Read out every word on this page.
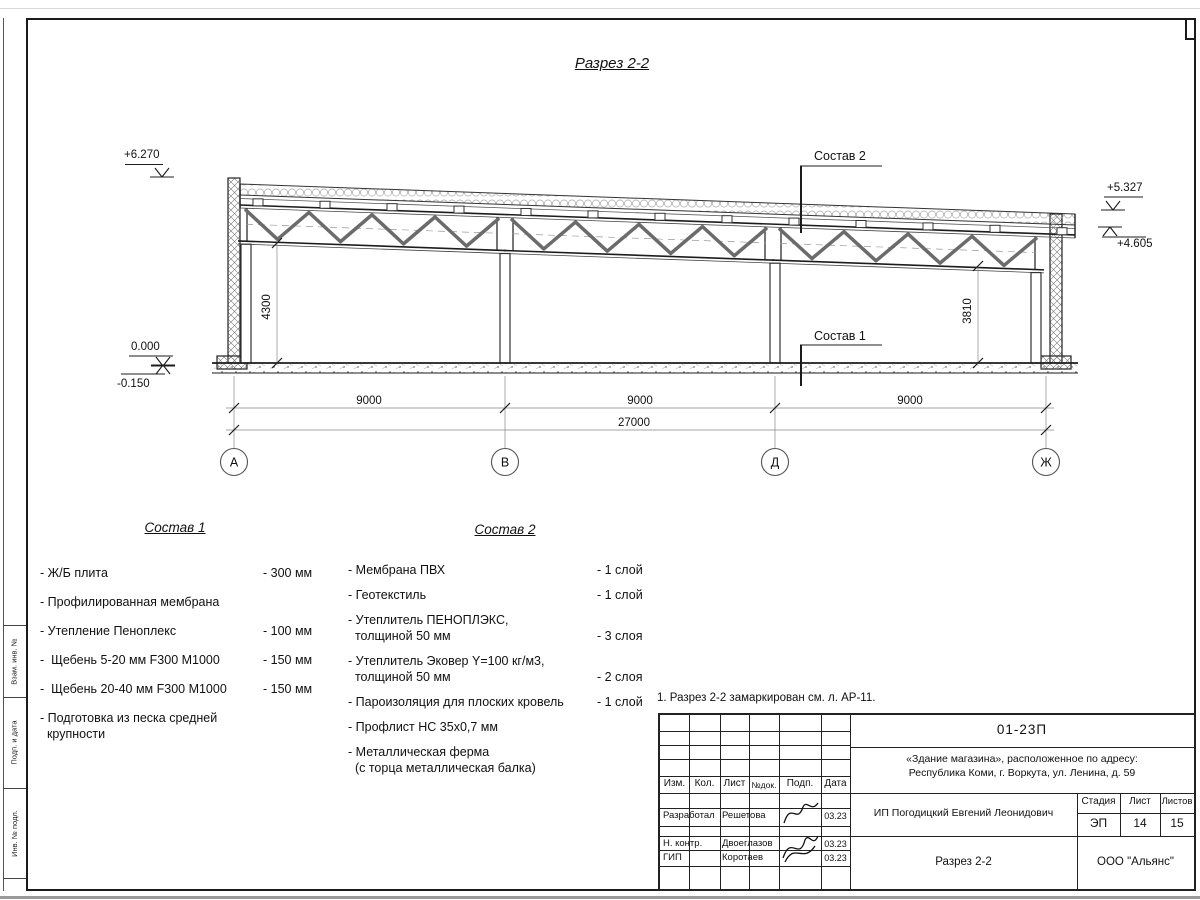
Взам. инв. №
Подп. и дата
Инв. № подл.
Разрез 2-2
+6.270
0.000
-0.150
+5.327
+4.605
Состав 2
Состав 1
9000	9000	9000
27000
4300	3810
А	В	Д	Ж
Состав 1	Состав 2
- Ж/Б плита	- 300 мм
- Профилированная мембрана
- Утепление Пеноплекс	- 100 мм
-  Щебень 5-20 мм F300 М1000	- 150 мм
-  Щебень 20-40 мм F300 М1000	- 150 мм
- Подготовка из песка средней
крупности
- Мембрана ПВХ	- 1 слой
- Геотекстиль	- 1 слой
- Утеплитель ПЕНОПЛЭКС,
толщиной 50 мм	- 3 слоя
- Утеплитель Эковер Y=100 кг/м3,
толщиной 50 мм	- 2 слоя
- Пароизоляция для плоских кровель	- 1 слой
- Профлист НС 35х0,7 мм
- Металлическая ферма
(с торца металлическая балка)
1. Разрез 2-2 замаркирован см. л. АР-11.
Изм. Кол. Лист №док.	Подп.	Дата
Разработал Решетова	03.23
Н. контр. Двоеглазов	03.23
ГИП	Коротаев	03.23
01-23П
«Здание магазина», расположенное по адресу:
Республика Коми, г. Воркута, ул. Ленина, д. 59
ИП Погодицкий Евгений Леонидович
Стадия	Лист	Листов
ЭП	14	15
Разрез 2-2	ООО "Альянс"
